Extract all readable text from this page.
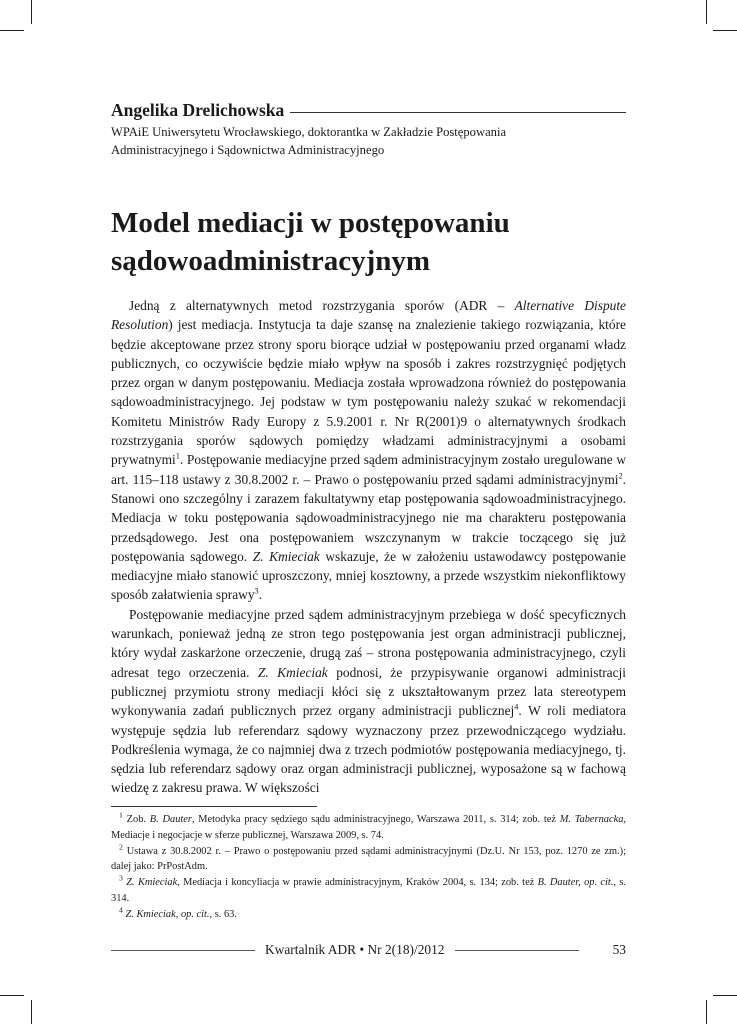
Angelika Drelichowska
WPAiE Uniwersytetu Wrocławskiego, doktorantka w Zakładzie Postępowania
Administracyjnego i Sądownictwa Administracyjnego
Model mediacji w postępowaniu sądowoadministracyjnym

Jedną z alternatywnych metod rozstrzygania sporów (ADR – Alternative Dispute Resolution) jest mediacja. Instytucja ta daje szansę na znalezienie takiego rozwiązania, które będzie akceptowane przez strony sporu biorące udział w postępowaniu przed organami władz publicznych, co oczywiście będzie miało wpływ na sposób i zakres rozstrzygnięć podjętych przez organ w danym postępowaniu. Mediacja została wprowadzona również do postępowania sądowoadministracyjnego. Jej podstaw w tym postępowaniu należy szukać w rekomendacji Komitetu Ministrów Rady Europy z 5.9.2001 r. Nr R(2001)9 o alternatywnych środkach rozstrzygania sporów sądowych pomiędzy władzami administracyjnymi a osobami prywatnymi$^1$. Postępowanie mediacyjne przed sądem administracyjnym zostało uregulowane w art. 115–118 ustawy z 30.8.2002 r. – Prawo o postępowaniu przed sądami administracyjnymi$^2$. Stanowi ono szczególny i zarazem fakultatywny etap postępowania sądowoadministracyjnego. Mediacja w toku postępowania sądowoadministracyjnego nie ma charakteru postępowania przedsądowego. Jest ona postępowaniem wszczynanym w trakcie toczącego się już postępowania sądowego. Z. Kmieciak wskazuje, że w założeniu ustawodawcy postępowanie mediacyjne miało stanowić uproszczony, mniej kosztowny, a przede wszystkim niekonfliktowy sposób załatwienia sprawy$^3$.

Postępowanie mediacyjne przed sądem administracyjnym przebiega w dość specyficznych warunkach, ponieważ jedną ze stron tego postępowania jest organ administracji publicznej, który wydał zaskarżone orzeczenie, drugą zaś – strona postępowania administracyjnego, czyli adresat tego orzeczenia. Z. Kmieciak podnosi, że przypisywanie organowi administracji publicznej przymiotu strony mediacji kłóci się z ukształtowanym przez lata stereotypem wykonywania zadań publicznych przez organy administracji publicznej$^4$. W roli mediatora występuje sędzia lub referendarz sądowy wyznaczony przez przewodniczącego wydziału. Podkreślenia wymaga, że co najmniej dwa z trzech podmiotów postępowania mediacyjnego, tj. sędzia lub referendarz sądowy oraz organ administracji publicznej, wyposażone są w fachową wiedzę z zakresu prawa. W większości

$^1$ Zob. B. Dauter, Metodyka pracy sędziego sądu administracyjnego, Warszawa 2011, s. 314; zob. też M. Tabernacka, Mediacje i negocjacje w sferze publicznej, Warszawa 2009, s. 74.

$^2$ Ustawa z 30.8.2002 r. – Prawo o postępowaniu przed sądami administracyjnymi (Dz.U. Nr 153, poz. 1270 ze zm.); dalej jako: PrPostAdm.

$^3$ Z. Kmieciak, Mediacja i koncyliacja w prawie administracyjnym, Kraków 2004, s. 134; zob. też B. Dauter, op. cit., s. 314.

$^4$ Z. Kmieciak, op. cit., s. 63.

Kwartalnik ADR • Nr 2(18)/2012	53
